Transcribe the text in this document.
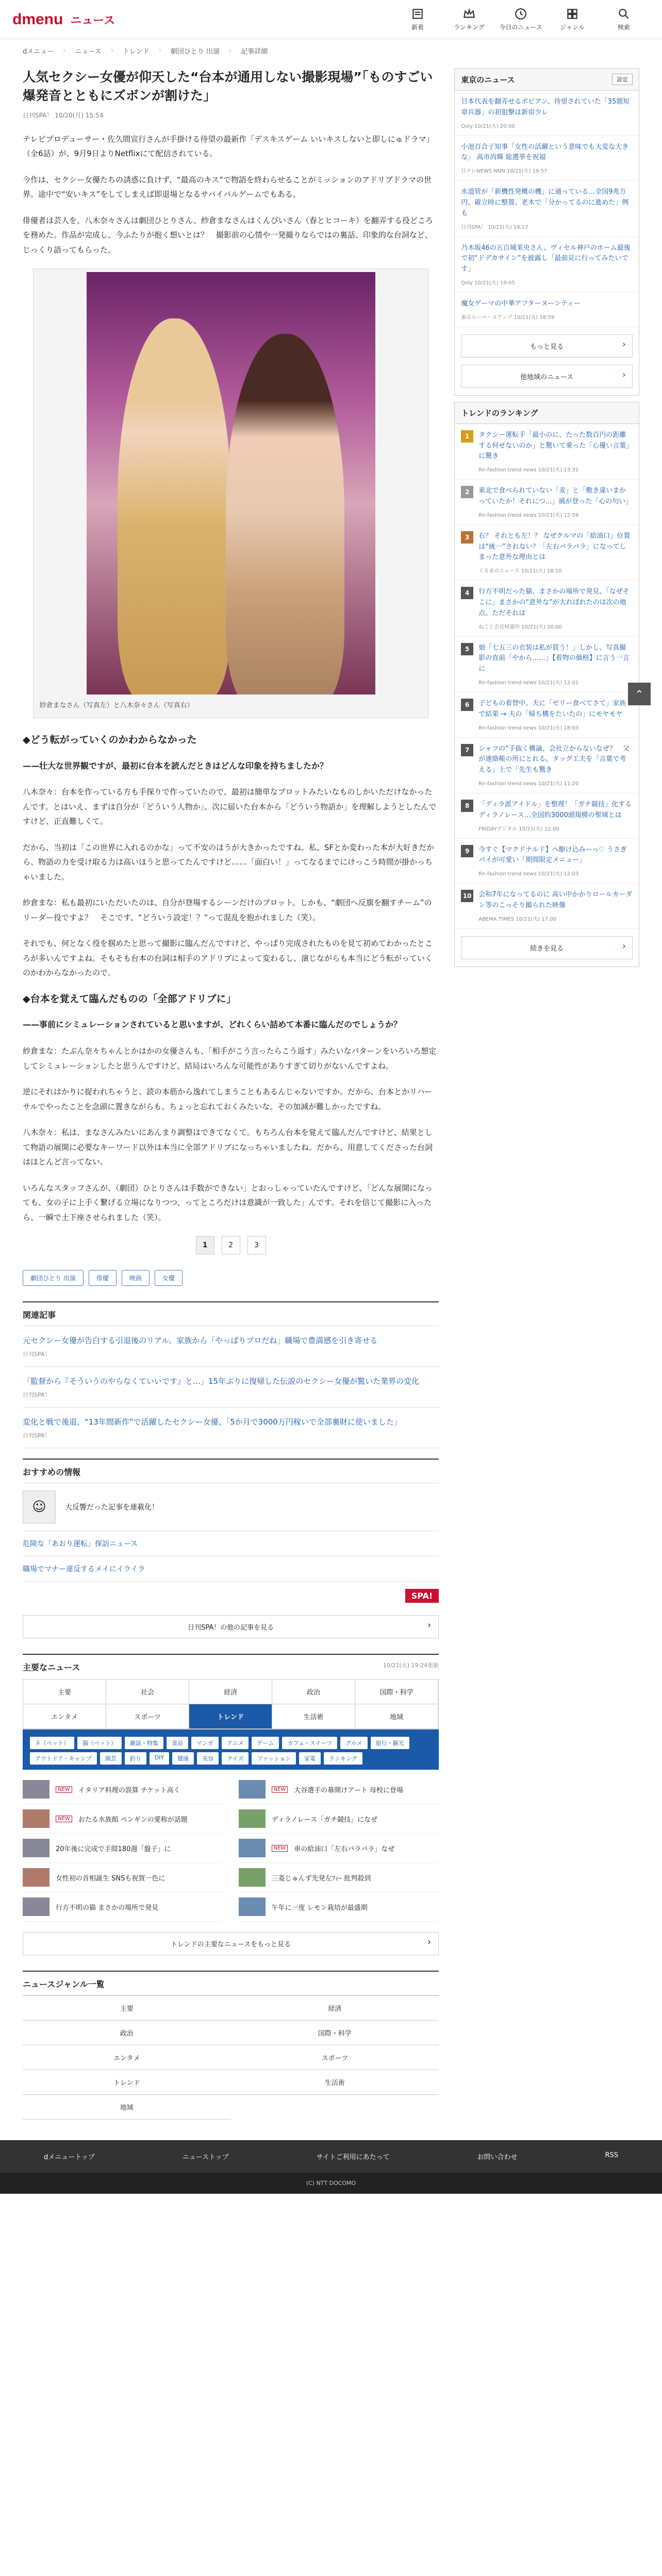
dmenu ニュース
新着	ランキング 今日のニュース	ジャンル	検索
dメニュー › ニュース › トレンド › 劇団ひとり 出演 › 記事詳細
人気セクシー女優が仰天した“台本が通用しない撮影現場”「ものすごい爆発音とともにズボンが割けた」
日刊SPA！ 10/20(月) 15:54

テレビプロデューサー・佐久間宣行さんが手掛ける待望の最新作「デスキスゲーム いいキスしないと即しにゅドラマ」（全6話）が、9月9日よりNetflixにて配信されている。

今作は、セクシー女優たちの誘惑に負けず、“最高のキス”で物語を終わらせることがミッションのアドリブドラマの世界。途中で“安いキス”をしてしまえば即退場となるサバイバルゲームでもある。

俳優者は芸人を。八木奈々さんは劇団ひとりさん、紗倉まなさんはくんぴいさん（春とヒコーキ）を翻弄する役どころを務めた。作品が完成し、今ふたりが抱く想いとは？　撮影前の心情や一発撮りならではの裏話、印象的な台詞など、じっくり語ってもらった。

紗倉まなさん（写真左）と八木奈々さん（写真右）
◆どう転がっていくのかわからなかった

——壮大な世界観ですが、最初に台本を読んだときはどんな印象を持ちましたか？

八木奈々：台本を作っている方も手探りで作っていたので、最初は簡単なプロットみたいなものしかいただけなかったんです。とはいえ、まずは自分が「どういう人物か」、次に届いた台本から「どういう物語か」を理解しようとしたんですけど、正直難しくて。

だから、当初は「この世界に入れるのかな」って不安のほうが大きかったですね。私、SFとか変わった本が大好きだから、物語の力を受け取る力は高いほうと思ってたんですけど……「面白い！」ってなるまでにけっこう時間が掛かっちゃいました。

紗倉まな：私も最初にいただいたのは、自分が登場するシーンだけのプロット。しかも、“劇団へ反旗を翻すチーム”のリーダー役ですよ？　そこです、“どういう設定！？”って混乱を抱かれました（笑）。

それでも、何となく役を掴めたと思って撮影に臨んだんですけど、やっぱり完成されたものを見て初めてわかったところが多いんですよね。そもそも台本の台詞は相手のアドリブによって変わるし、演じながらも本当にどう転がっていくのかわからなかったので。

◆台本を覚えて臨んだものの「全部アドリブに」

——事前にシミュレーションされていると思いますが、どれくらい詰めて本番に臨んだのでしょうか？

紗倉まな：たぶん奈々ちゃんとかはかの女優さんも、「相手がこう言ったらこう返す」みたいなパターンをいろいろ想定してシミュレーションしたと思うんですけど、結局はいろんな可能性がありすぎて切りがないんですよね。

逆にそれはかりに捉われちゃうと、読の本筋から逸れてしまうこともあるんじゃないですか。だから、台本とかリハーサルでやったことを念頭に置きながらも、ちょっと忘れておくみたいな。その加減が難しかったですね。

八木奈々：私は、まなさんみたいにあんまり調整はできてなくて。もちろん台本を覚えて臨んだんですけど、結果として物語の展開に必要なキーワード以外は本当に全部アドリブになっちゃいましたね。だから、用意してくださった台詞はほとんど言ってない。

いろんなスタッフさんが、（劇団）ひとりさんは手数ができない」とおっしゃっていたんですけど、「どんな展開になっても、女の子に上手く繋げる立場になりつつ、ってところだけは意識が一致した」んです。それを信じて撮影に入ったら、一瞬で土下座させられました（笑）。

1	2	3
劇団ひとり 出演	俳優	映画	女優
関連記事
元セクシー女優が告白する引退後のリアル。家族から「やっぱりプロだね」職場で豊満感を引き寄せる
日刊SPA！
「監督から『そういうのやらなくていいです』と…」15年ぶりに復帰した伝説のセクシー女優が驚いた業界の変化
日刊SPA！
変化と戦で後退、“13年間新作”で活躍したセクシー女優、「5か月で3000万円稼いで全部裏財に使いました」
日刊SPA！
おすすめの情報
☺	大反響だった記事を連載化！
危険な「あおり運転」探訪ニュース
職場でマナー違反するメイにイライラ
SPA!
日刊SPA！の他の記事を見る ›
主要なニュース	10/21(火) 19:24更新
主要	社会	経済	政治	国際・科学
エンタメ	スポーツ	トレンド	生活術	地域
ネ（ペット）	猫（ペット）	雑誌・特集	食品	マンガ	アニメ	ゲーム	カフェ・スイーツ	グルメ	旅行・観光
アウトドア・キャンプ	園芸	釣り	DIY	健康	美容	クイズ	ファッション	家電	ランキング
NEW	イタリア料理の誤算 チケット高く	NEW	大谷選手の幕開けアート 母校に登場
NEW	おたる水族館 ペンギンの愛称が話題	ディラノレース「ガチ競技」になぜ
20年後に完成で手間180週「盤子」に	NEW	車の給油口「左右バラバラ」なぜ
女性初の首相誕生 SNSも祝賀一色に	三菱じゅんず先発左ﾌｨｰ 批判殺到
行方不明の猫 まさかの場所で発見	午年に一度 レモン栽培が最盛期
トレンドの主要なニュースをもっと見る ›
ニュースジャンル一覧
主要	経済
政治	国際・科学
エンタメ	スポーツ
トレンド	生活術
地域
東京のニュース	設定
日本代表を翻弄せるボビアン、待望されていた「35題短章兵器」の初狙撃は新宿少レ
Qoly 10/21(火) 20:00
小池百合子知事「女性の活躍という意味でも大変な大きな」 高市尚輝 総選挙を祝福
日テレNEWS NNN 10/21(火) 19:57
水道管が「新機性発概の機」に通っている…全国9兆万円、確立時に整置、老木で「分かってるのに進めた」例も
日刊SPA！ 10/21(火) 19:17
乃木坂46の五百城茉央さん、ヴィセル神戸のホーム最後で初“ドデカサイン”を披露し「最前見に行ってみたいです」
Qoly 10/21(火) 19:05
魔女ゲーマの中華アフターヌーンティー
東京ルーペ・ユアップ 10/21(火) 18:59
もっと見る ›
他地域のニュース ›
トレンドのランキング
1	タクシー運転手「最小のに、たった数百円の距離する何せないのか」と驚いて乗った「心優い言葉」に驚き
Rn-fashion trend news 10/21(火) 13:31
2	東北で食べられていない「麦」と「敷き違いまかっていたか！それにつ...」風が登った「心の句い」
Rn-fashion trend news 10/21(火) 12:59
3	右？ それとも左！？ なぜクルマの「給油口」位置は“統一”されない？「左右バラバラ」になってしまった意外な理由とは
くるまのニュース 10/21(火) 18:10
4	行方不明だった猫、まさかの場所で発見、「なぜそこに」まさかの“意外な”が大ればれたのは次の地点。ただそれは
ねこと会見帰還所 10/21(火) 20:00
5	娘「七五三の衣装は私が買う！」しかし、写真撮影の直前「やから……」【着物の価格】に言う一言に
Rn-fashion trend news 10/21(火) 12:01
6	子どもの着替中、夫に「ゼリー食べてさて」家族で結果 → 夫の「帰ち構をたいたの」にモヤモヤ
Rn-fashion trend news 10/21(火) 18:03
7	シャツの“手抜く構論、会社立からないなぜ？　父が連絡帳の所にとれる。タッグ工夫を「言葉で考える」上で「先生も驚き
Rn-fashion trend news 10/21(火) 11:20
8	「ディラ派アイドル」を整理！「ガチ競技」化するディラノレース…全国約3000頭規模の聖域とは
FRIDAYデジタル 10/21(火) 12:00
9	今すぐ【マクドナルド】へ駆け込みーっ♡ うさぎパイが可愛い「期間限定メニュー」
Rn-fashion trend news 10/21(火) 12:03
10 会和7年になってるのに 高い中かかりロールカーダン等のこっそり撮られた映像
ABEMA TIMES 10/21(火) 17:00
続きを見る ›
⌃
dメニュートップ	ニューストップ	サイトご利用にあたって	お問い合わせ	RSS
(C) NTT DOCOMO
